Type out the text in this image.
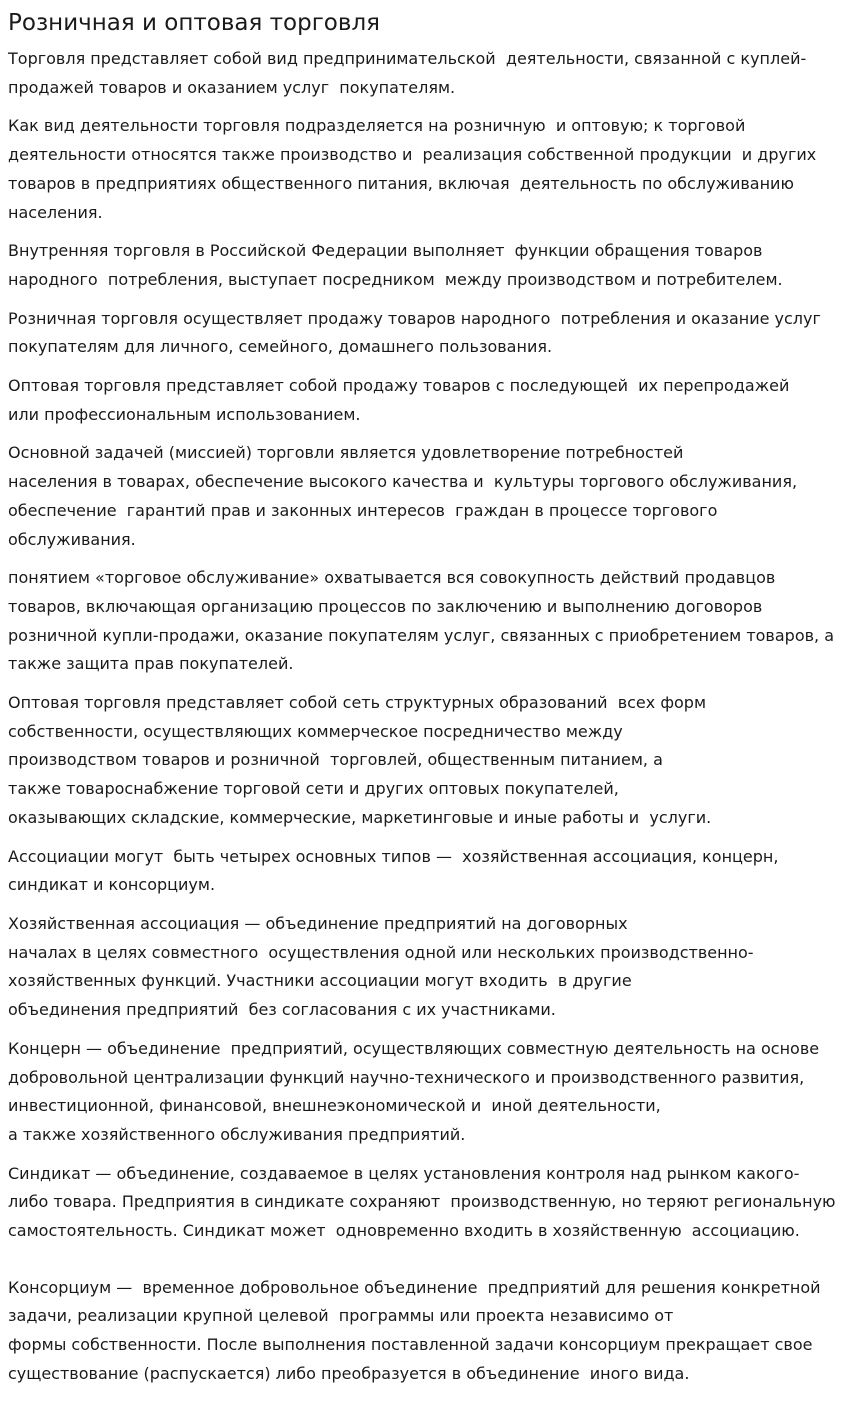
Розничная и оптовая торговля

Торговля представляет собой вид предпринимательской  деятельности, связанной с куплей-
продажей товаров и оказанием услуг  покупателям.

Как вид деятельности торговля подразделяется на розничную  и оптовую; к торговой
деятельности относятся также производство и  реализация собственной продукции  и других
товаров в предприятиях общественного питания, включая  деятельность по обслуживанию
населения.

Внутренняя торговля в Российской Федерации выполняет  функции обращения товаров
народного  потребления, выступает посредником  между производством и потребителем.

Розничная торговля осуществляет продажу товаров народного  потребления и оказание услуг
покупателям для личного, семейного, домашнего пользования.

Оптовая торговля представляет собой продажу товаров с последующей  их перепродажей
или профессиональным использованием.

Основной задачей (миссией) торговли является удовлетворение потребностей
населения в товарах, обеспечение высокого качества и  культуры торгового обслуживания,
обеспечение  гарантий прав и законных интересов  граждан в процессе торгового
обслуживания.

понятием «торговое обслуживание» охватывается вся совокупность действий продавцов
товаров, включающая организацию процессов по заключению и выполнению договоров
розничной купли-продажи, оказание покупателям услуг, связанных с приобретением товаров, а
также защита прав покупателей.

Оптовая торговля представляет собой сеть структурных образований  всех форм
собственности, осуществляющих коммерческое посредничество между
производством товаров и розничной  торговлей, общественным питанием, а
также товароснабжение торговой сети и других оптовых покупателей,
оказывающих складские, коммерческие, маркетинговые и иные работы и  услуги.

Ассоциации могут  быть четырех основных типов —  хозяйственная ассоциация, концерн,
синдикат и консорциум.

Хозяйственная ассоциация — объединение предприятий на договорных
началах в целях совместного  осуществления одной или нескольких производственно-
хозяйственных функций. Участники ассоциации могут входить  в другие
объединения предприятий  без согласования с их участниками.

Концерн — объединение  предприятий, осуществляющих совместную деятельность на основе
добровольной централизации функций научно-технического и производственного развития,
инвестиционной, финансовой, внешнеэкономической и  иной деятельности,
а также хозяйственного обслуживания предприятий.

Синдикат — объединение, создаваемое в целях установления контроля над рынком какого-
либо товара. Предприятия в синдикате сохраняют  производственную, но теряют региональную
самостоятельность. Синдикат может  одновременно входить в хозяйственную  ассоциацию.

Консорциум —  временное добровольное объединение  предприятий для решения конкретной
задачи, реализации крупной целевой  программы или проекта независимо от
формы собственности. После выполнения поставленной задачи консорциум прекращает свое
существование (распускается) либо преобразуется в объединение  иного вида.
